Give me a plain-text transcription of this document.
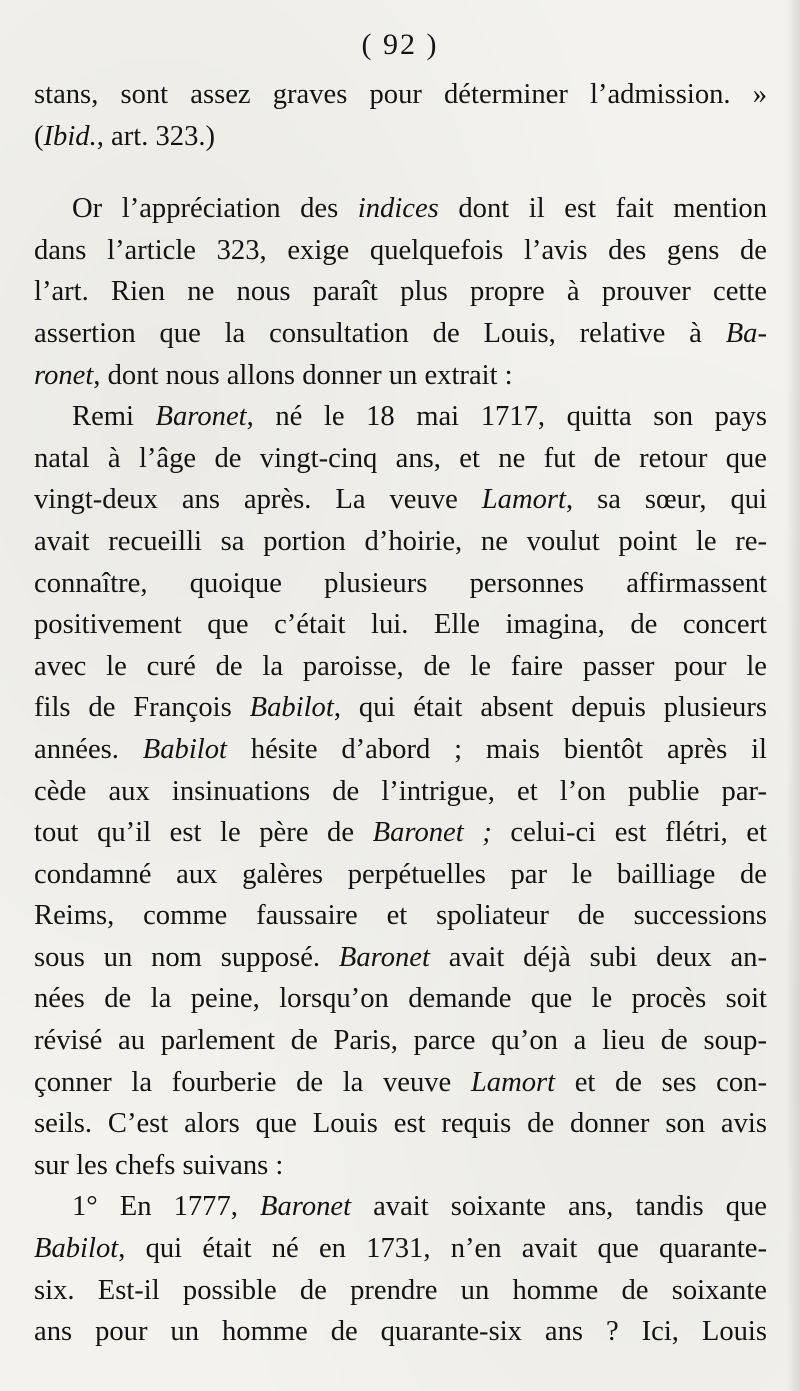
( 92 )
stans, sont assez graves pour déterminer l’admission. »
(Ibid., art. 323.)
Or l’appréciation des indices dont il est fait mention
dans l’article 323, exige quelquefois l’avis des gens de
l’art. Rien ne nous paraît plus propre à prouver cette
assertion que la consultation de Louis, relative à Ba-
ronet, dont nous allons donner un extrait :
Remi Baronet, né le 18 mai 1717, quitta son pays
natal à l’âge de vingt-cinq ans, et ne fut de retour que
vingt-deux ans après. La veuve Lamort, sa sœur, qui
avait recueilli sa portion d’hoirie, ne voulut point le re-
connaître, quoique plusieurs personnes affirmassent
positivement que c’était lui. Elle imagina, de concert
avec le curé de la paroisse, de le faire passer pour le
fils de François Babilot, qui était absent depuis plusieurs
années. Babilot hésite d’abord ; mais bientôt après il
cède aux insinuations de l’intrigue, et l’on publie par-
tout qu’il est le père de Baronet ; celui-ci est flétri, et
condamné aux galères perpétuelles par le bailliage de
Reims, comme faussaire et spoliateur de successions
sous un nom supposé. Baronet avait déjà subi deux an-
nées de la peine, lorsqu’on demande que le procès soit
révisé au parlement de Paris, parce qu’on a lieu de soup-
çonner la fourberie de la veuve Lamort et de ses con-
seils. C’est alors que Louis est requis de donner son avis
sur les chefs suivans :
1° En 1777, Baronet avait soixante ans, tandis que
Babilot, qui était né en 1731, n’en avait que quarante-
six. Est-il possible de prendre un homme de soixante
ans pour un homme de quarante-six ans ? Ici, Louis
